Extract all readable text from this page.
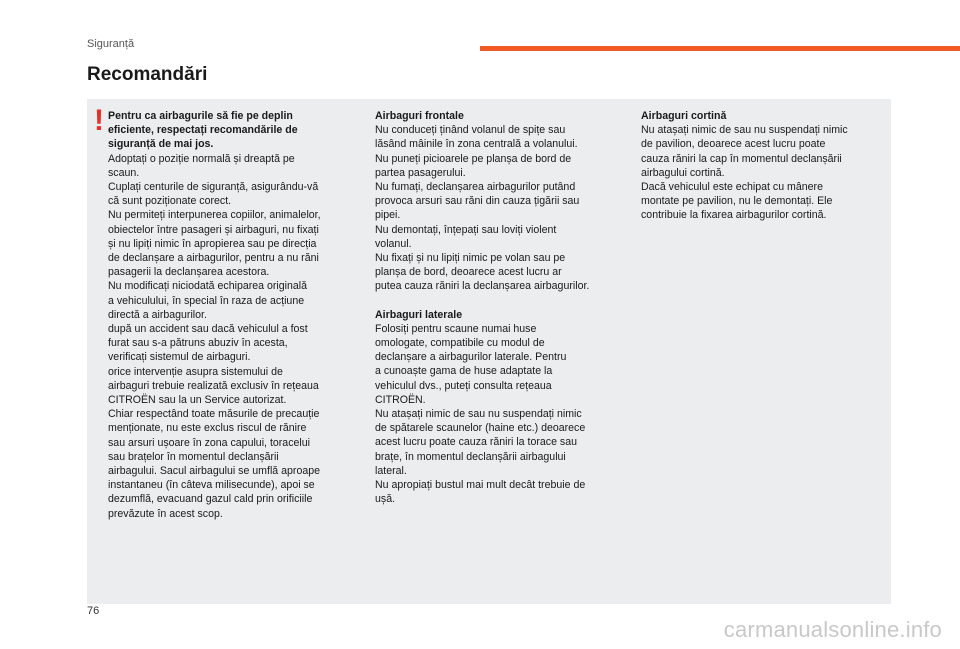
Siguranță
Recomandări
! Pentru ca airbagurile să fie pe deplin

eficiente, respectați recomandările de

siguranță de mai jos.

Adoptați o poziție normală și dreaptă pe

scaun.

Cuplați centurile de siguranță, asigurându-vă

că sunt poziționate corect.

Nu permiteți interpunerea copiilor, animalelor,

obiectelor între pasageri și airbaguri, nu fixați

și nu lipiți nimic în apropierea sau pe direcția

de declanșare a airbagurilor, pentru a nu răni

pasagerii la declanșarea acestora.

Nu modificați niciodată echiparea originală

a vehiculului, în special în raza de acțiune

directă a airbagurilor.

după un accident sau dacă vehiculul a fost

furat sau s-a pătruns abuziv în acesta,

verificați sistemul de airbaguri.

orice intervenție asupra sistemului de

airbaguri trebuie realizată exclusiv în rețeaua

CITROËN sau la un Service autorizat.

Chiar respectând toate măsurile de precauție

menționate, nu este exclus riscul de rănire

sau arsuri ușoare în zona capului, toracelui

sau brațelor în momentul declanșării

airbagului. Sacul airbagului se umflă aproape

instantaneu (în câteva milisecunde), apoi se

dezumflă, evacuand gazul cald prin orificiile

prevăzute în acest scop.

Airbaguri frontale

Nu conduceți ținând volanul de spițe sau

lăsând mâinile în zona centrală a volanului.

Nu puneți picioarele pe planșa de bord de

partea pasagerului.

Nu fumați, declanșarea airbagurilor putând

provoca arsuri sau răni din cauza țigării sau

pipei.

Nu demontați, înțepați sau loviți violent

volanul.

Nu fixați și nu lipiți nimic pe volan sau pe

planșa de bord, deoarece acest lucru ar

putea cauza răniri la declanșarea airbagurilor.

Airbaguri laterale

Folosiți pentru scaune numai huse

omologate, compatibile cu modul de

declanșare a airbagurilor laterale. Pentru

a cunoaște gama de huse adaptate la

vehiculul dvs., puteți consulta rețeaua

CITROËN.

Nu atașați nimic de sau nu suspendați nimic

de spătarele scaunelor (haine etc.) deoarece

acest lucru poate cauza răniri la torace sau

brațe, în momentul declanșării airbagului

lateral.

Nu apropiați bustul mai mult decât trebuie de

ușă.

Airbaguri cortină

Nu atașați nimic de sau nu suspendați nimic

de pavilion, deoarece acest lucru poate

cauza răniri la cap în momentul declanșării

airbagului cortină.

Dacă vehiculul este echipat cu mânere

montate pe pavilion, nu le demontați. Ele

contribuie la fixarea airbagurilor cortină.

76
carmanualsonline.info
